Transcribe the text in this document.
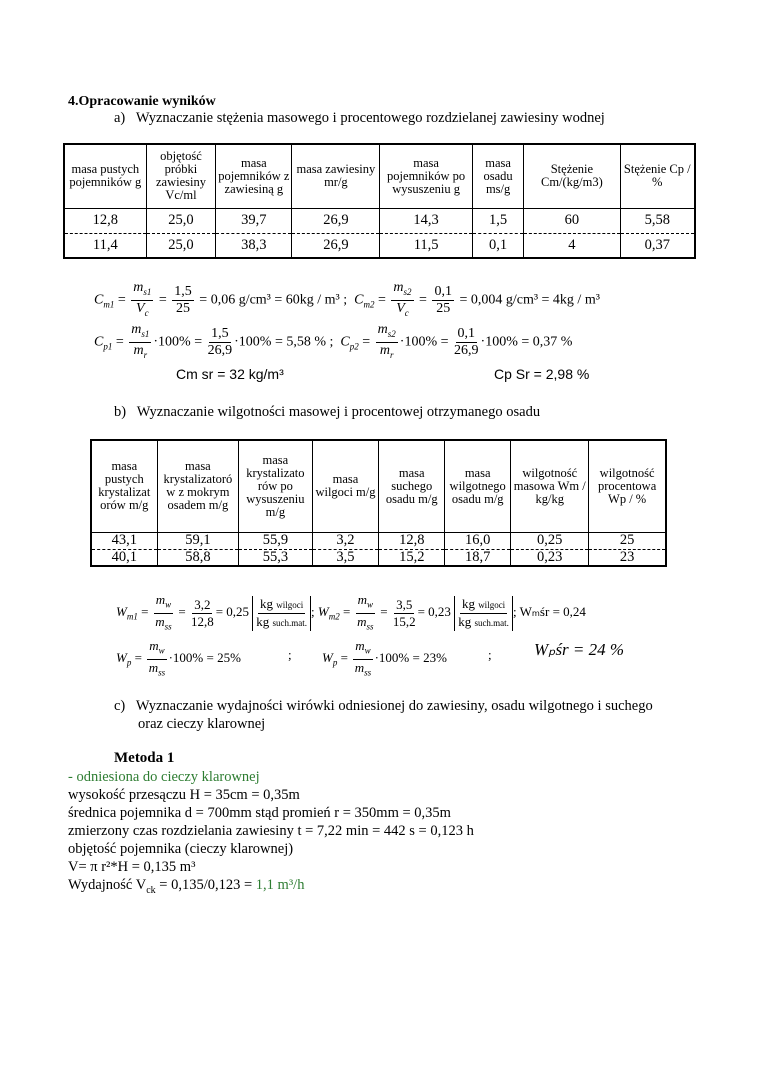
4.Opracowanie wyników
a)   Wyznaczanie stężenia masowego i procentowego rozdzielanej zawiesiny wodnej
masa pustych pojemników g	objętość próbki zawiesiny Vc/ml	masa pojemników z zawiesiną g	masa zawiesiny mr/g	masa pojemników po wysuszeniu g	masa osadu ms/g	Stężenie Cm/(kg/m3)	Stężenie Cp / %
12,8	25,0	39,7	26,9	14,3	1,5	60	5,58
11,4	25,0	38,3	26,9	11,5	0,1	4	0,37
$C_{m1} = \frac{m_{s1}}{V_c} = \frac{1,5}{25} = 0,06$ g/cm³ = 60kg / m³ ; $C_{m2} = \frac{m_{s2}}{V_c} = \frac{0,1}{25} = 0,004$ g/cm³ = 4kg / m³
$C_{p1} = \frac{m_{s1}}{m_r} \cdot 100\% = \frac{1,5}{26,9} \cdot 100\% = 5,58$ % ; $C_{p2} = \frac{m_{s2}}{m_r} \cdot 100\% = \frac{0,1}{26,9} \cdot 100\% = 0,37$ %
Cm sr = 32 kg/m³	Cp Sr = 2,98 %
b)   Wyznaczanie wilgotności masowej i procentowej otrzymanego osadu
masa pustych krystalizat orów m/g	masa krystalizatoró w z mokrym osadem m/g	masa krystalizato rów po wysuszeniu m/g	masa wilgoci m/g	masa suchego osadu m/g	masa wilgotnego osadu m/g	wilgotność masowa Wm / kg/kg	wilgotność procentowa Wp / %
43,1	59,1	55,9	3,2	12,8	16,0	0,25	25
40,1	58,8	55,3	3,5	15,2	18,7	0,23	23
$W_{m1} = \frac{m_w}{m_{ss}} = \frac{3,2}{12,8} = 0,25 \frac{\text{kg wilgoci}}{\text{kg such.mat.}}$ ; $W_{m2} = \frac{m_w}{m_{ss}} = \frac{3,5}{15,2} = 0,23 \frac{\text{kg wilgoci}}{\text{kg such.mat.}}$ ; Wₘśr = 0,24
$W_p = \frac{m_w}{m_{ss}} \cdot 100\% = 25\%$	; $W_p = \frac{m_w}{m_{ss}} \cdot 100\% = 23\%$	; Wₚśr = 24 %
c)   Wyznaczanie wydajności wirówki odniesionej do zawiesiny, osadu wilgotnego i suchego
oraz cieczy klarownej
Metoda 1
- odniesiona do cieczy klarownej
wysokość przesączu H = 35cm = 0,35m
średnica pojemnika d = 700mm stąd promień r = 350mm = 0,35m
zmierzony czas rozdzielania zawiesiny t = 7,22 min = 442 s = 0,123 h
objętość pojemnika (cieczy klarownej)
V= π r²*H = 0,135 m³
Wydajność $V_{ck} = 0,135/0,123 = 1,1$ m³/h
